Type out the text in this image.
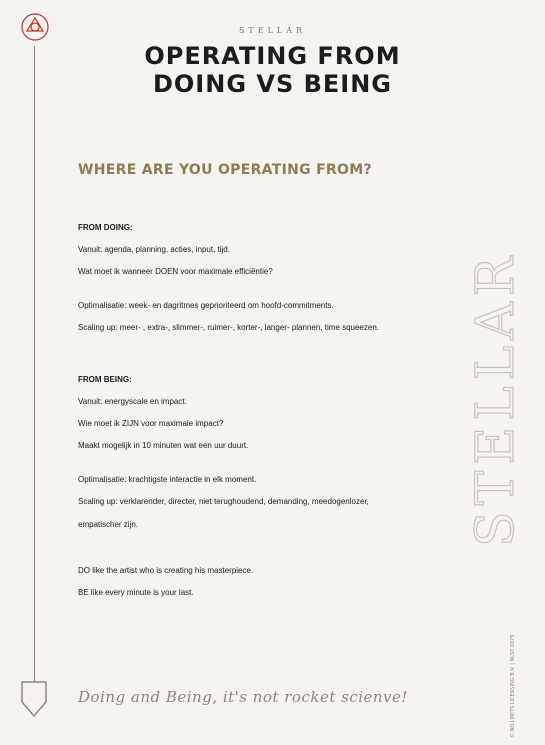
STELLAR
OPERATING FROM
DOING VS BEING
WHERE ARE YOU OPERATING FROM?
FROM DOING:
Vanuit: agenda, planning, acties, input, tijd.
Wat moet ik wanneer DOEN voor maximale efficiëntie?
Optimalisatie: week- en dagritmes geprioriteerd om hoofd-commitments.
Scaling up: meer- , extra-, slimmer-, ruimer-, korter-, langer- plannen, time squeezen.
FROM BEING:
Vanuit: energyscale en impact.
Wie moet ik ZIJN voor maximale impact?
Maakt mogelijk in 10 minuten wat een uur duurt.
Optimalisatie: krachtigste interactie in elk moment.
Scaling up: verklarender, directer, niet terughoudend, demanding, meedogenlozer,
empatischer zijn.
DO like the artist who is creating his masterpiece.
BE like every minute is your last.
STELLAR
© NO LIMITS LICENSING B.V. | NLST 0375
Doing and Being, it's not rocket scienve!
